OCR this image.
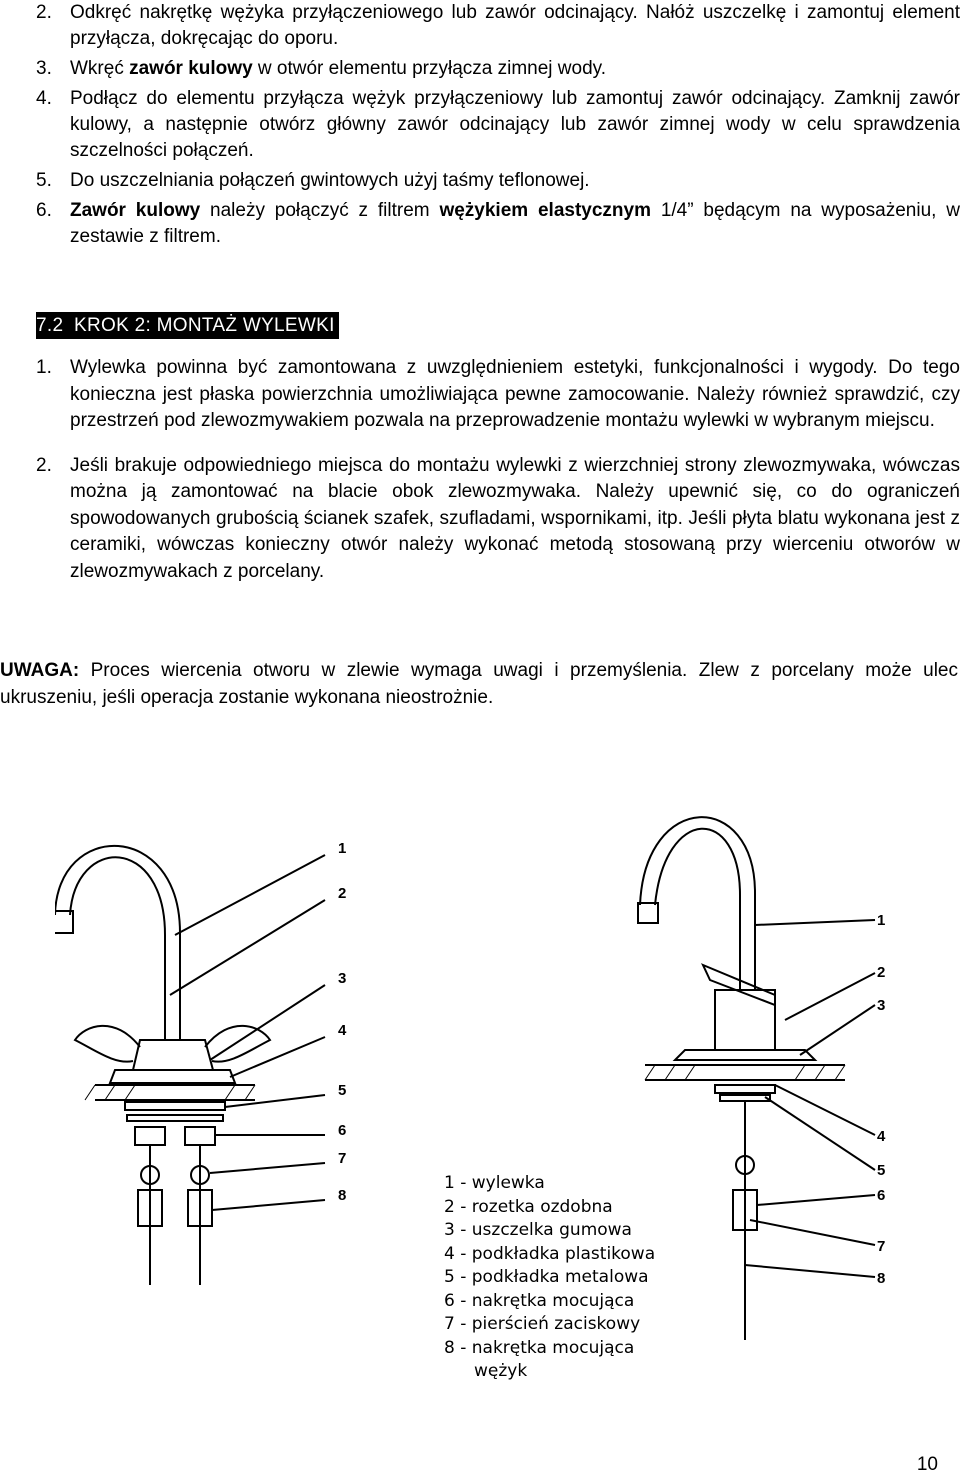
2. Odkręć nakrętkę wężyka przyłączeniowego lub zawór odcinający. Nałóż uszczelkę i zamontuj element przyłącza, dokręcając do oporu.
3. Wkręć zawór kulowy w otwór elementu przyłącza zimnej wody.
4. Podłącz do elementu przyłącza wężyk przyłączeniowy lub zamontuj zawór odcinający. Zamknij zawór kulowy, a następnie otwórz główny zawór odcinający lub zawór zimnej wody w celu sprawdzenia szczelności połączeń.
5. Do uszczelniania połączeń gwintowych użyj taśmy teflonowej.
6. Zawór kulowy należy połączyć z filtrem wężykiem elastycznym 1/4” będącym na wyposażeniu, w zestawie z filtrem.
7.2 KROK 2: MONTAŻ WYLEWKI
1. Wylewka powinna być zamontowana z uwzględnieniem estetyki, funkcjonalności i wygody. Do tego konieczna jest płaska powierzchnia umożliwiająca pewne zamocowanie. Należy również sprawdzić, czy przestrzeń pod zlewozmywakiem pozwala na przeprowadzenie montażu wylewki w wybranym miejscu.
2. Jeśli brakuje odpowiedniego miejsca do montażu wylewki z wierzchniej strony zlewozmywaka, wówczas można ją zamontować na blacie obok zlewozmywaka. Należy upewnić się, co do ograniczeń spowodowanych grubością ścianek szafek, szufladami, wspornikami, itp. Jeśli płyta blatu wykonana jest z ceramiki, wówczas konieczny otwór należy wykonać metodą stosowaną przy wierceniu otworów w zlewozmywakach z porcelany.
UWAGA: Proces wiercenia otworu w zlewie wymaga uwagi i przemyślenia. Zlew z porcelany może ulec ukruszeniu, jeśli operacja zostanie wykonana nieostrożnie.
1
2
3
4
5
6
7
8
1
2
3
4
5
6
7
8
1 - wylewka
2 - rozetka ozdobna
3 - uszczelka gumowa
4 - podkładka plastikowa
5 - podkładka metalowa
6 - nakrętka mocująca
7 - pierścień zaciskowy
8 - nakrętka mocująca
wężyk
10
